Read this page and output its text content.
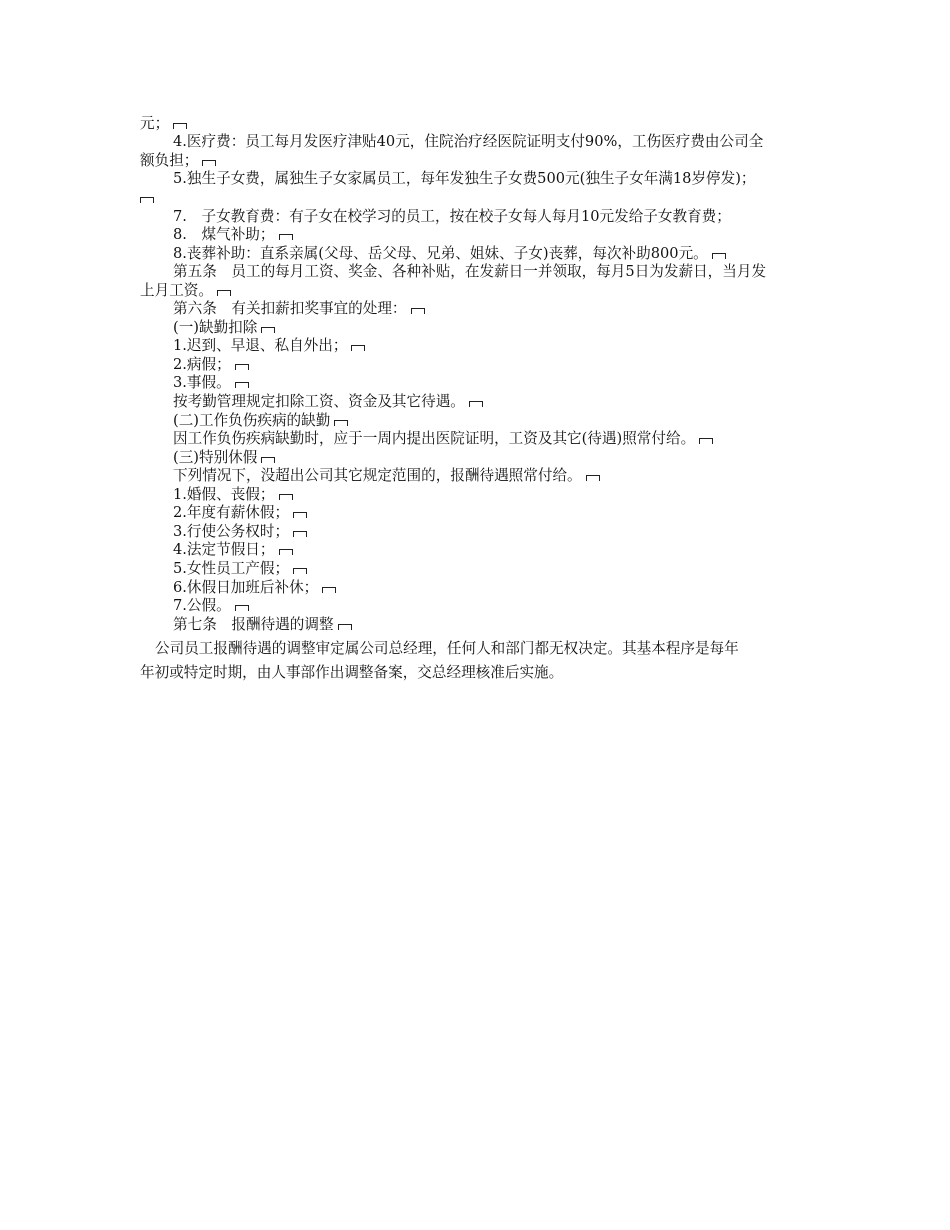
元；
4.医疗费：员工每月发医疗津贴40元，住院治疗经医院证明支付90%，工伤医疗费由公司全
额负担；
5.独生子女费，属独生子女家属员工，每年发独生子女费500元(独生子女年满18岁停发)；
7.　子女教育费：有子女在校学习的员工，按在校子女每人每月10元发给子女教育费；
8.　煤气补助；
8.丧葬补助：直系亲属(父母、岳父母、兄弟、姐妹、子女)丧葬，每次补助800元。
第五条　员工的每月工资、奖金、各种补贴，在发薪日一并领取，每月5日为发薪日，当月发
上月工资。
第六条　有关扣薪扣奖事宜的处理：
(一)缺勤扣除
1.迟到、早退、私自外出；
2.病假；
3.事假。
按考勤管理规定扣除工资、资金及其它待遇。
(二)工作负伤疾病的缺勤
因工作负伤疾病缺勤时，应于一周内提出医院证明，工资及其它(待遇)照常付给。
(三)特别休假
下列情况下，没超出公司其它规定范围的，报酬待遇照常付给。
1.婚假、丧假；
2.年度有薪休假；
3.行使公务权时；
4.法定节假日；
5.女性员工产假；
6.休假日加班后补休；
7.公假。
第七条　报酬待遇的调整
公司员工报酬待遇的调整审定属公司总经理，任何人和部门都无权决定。其基本程序是每年
年初或特定时期，由人事部作出调整备案，交总经理核准后实施。
